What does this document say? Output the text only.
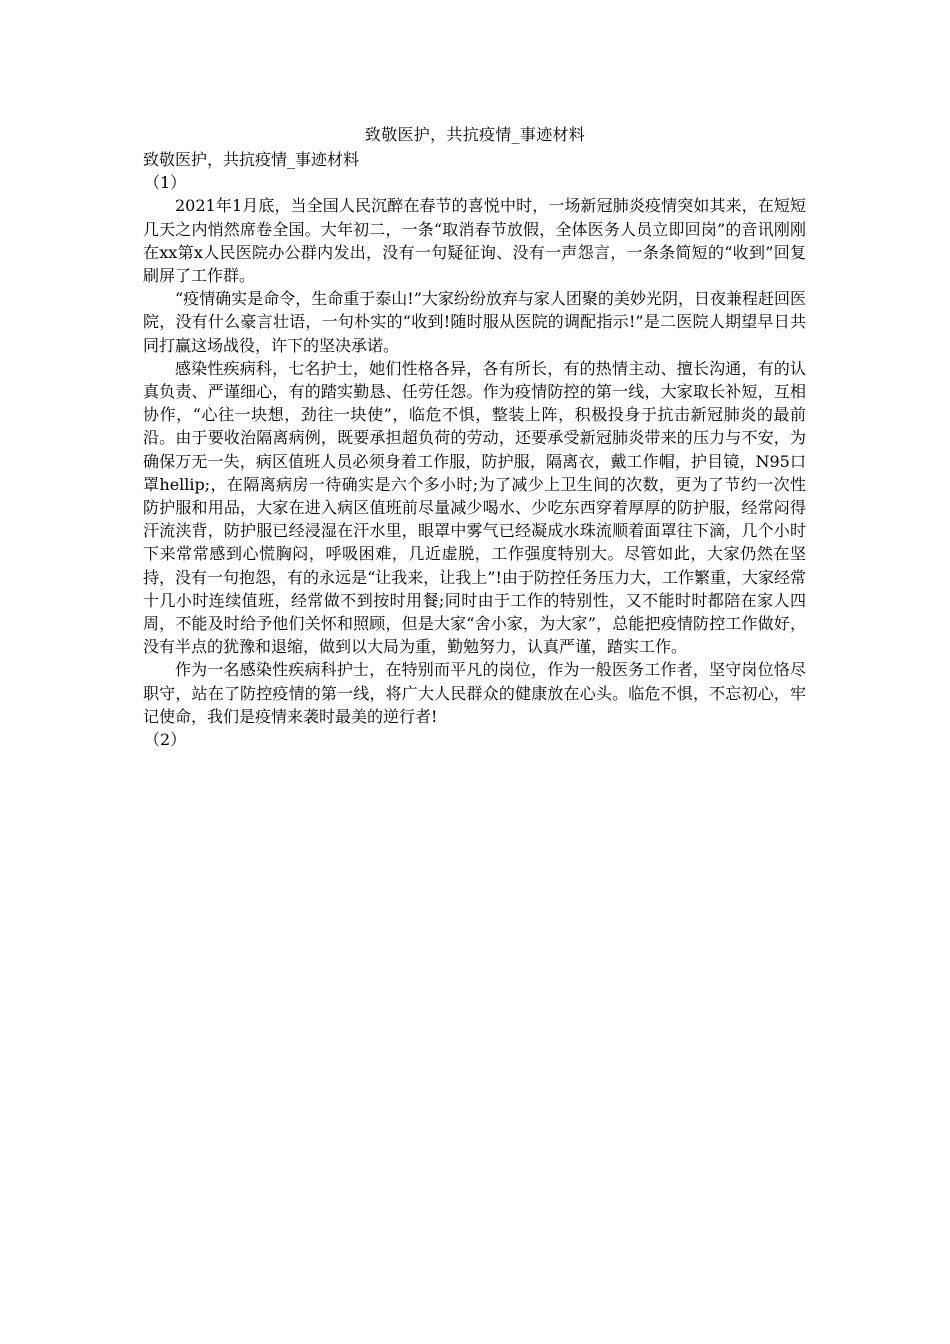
致敬医护，共抗疫情_事迹材料

致敬医护，共抗疫情_事迹材料

（1）

2021年1月底，当全国人民沉醉在春节的喜悦中时，一场新冠肺炎疫情突如其来，在短短几天之内悄然席卷全国。大年初二，一条“取消春节放假，全体医务人员立即回岗”的音讯刚刚在xx第x人民医院办公群内发出，没有一句疑征询、没有一声怨言，一条条简短的“收到”回复刷屏了工作群。

“疫情确实是命令，生命重于泰山!”大家纷纷放弃与家人团聚的美妙光阴，日夜兼程赶回医院，没有什么豪言壮语，一句朴实的“收到!随时服从医院的调配指示!”是二医院人期望早日共同打赢这场战役，许下的坚决承诺。

感染性疾病科，七名护士，她们性格各异，各有所长，有的热情主动、擅长沟通，有的认真负责、严谨细心，有的踏实勤恳、任劳任怨。作为疫情防控的第一线，大家取长补短，互相协作，“心往一块想，劲往一块使”，临危不惧，整装上阵，积极投身于抗击新冠肺炎的最前沿。由于要收治隔离病例，既要承担超负荷的劳动，还要承受新冠肺炎带来的压力与不安，为确保万无一失，病区值班人员必须身着工作服，防护服，隔离衣，戴工作帽，护目镜，N95口罩hellip;，在隔离病房一待确实是六个多小时;为了减少上卫生间的次数，更为了节约一次性防护服和用品，大家在进入病区值班前尽量减少喝水、少吃东西穿着厚厚的防护服，经常闷得汗流浃背，防护服已经浸湿在汗水里，眼罩中雾气已经凝成水珠流顺着面罩往下滴，几个小时下来常常感到心慌胸闷，呼吸困难，几近虚脱，工作强度特别大。尽管如此，大家仍然在坚持，没有一句抱怨，有的永远是“让我来，让我上”!由于防控任务压力大，工作繁重，大家经常十几小时连续值班，经常做不到按时用餐;同时由于工作的特别性，又不能时时都陪在家人四周，不能及时给予他们关怀和照顾，但是大家“舍小家，为大家”，总能把疫情防控工作做好，没有半点的犹豫和退缩，做到以大局为重，勤勉努力，认真严谨，踏实工作。

作为一名感染性疾病科护士，在特别而平凡的岗位，作为一般医务工作者，坚守岗位恪尽职守，站在了防控疫情的第一线，将广大人民群众的健康放在心头。临危不惧，不忘初心，牢记使命，我们是疫情来袭时最美的逆行者!

（2）
